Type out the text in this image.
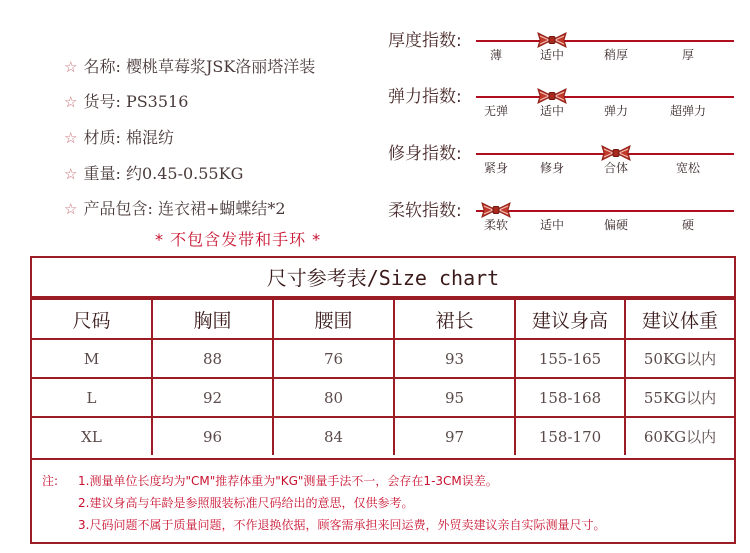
☆ 名称: 樱桃草莓浆JSK洛丽塔洋装
☆ 货号: PS3516
☆ 材质: 棉混纺
☆ 重量: 约0.45-0.55KG
☆ 产品包含: 连衣裙+蝴蝶结*2
* 不包含发带和手环 *
厚度指数:
薄	适中	稍厚	厚
弹力指数:
无弹	适中	弹力	超弹力
修身指数:
紧身	修身	合体	宽松
柔软指数:
柔软	适中	偏硬	硬
尺寸参考表/Size chart
尺码	胸围	腰围	裙长	建议身高	建议体重
M	88	76	93	155-165	50KG以内
L	92	80	95	158-168	55KG以内
XL	96	84	97	158-170	60KG以内
注: 1.测量单位长度均为"CM"推荐体重为"KG"测量手法不一，会存在1-3CM误差。
2.建议身高与年龄是参照服装标准尺码给出的意思，仅供参考。
3.尺码问题不属于质量问题，不作退换依据，顾客需承担来回运费，外贸卖建议亲自实际测量尺寸。
